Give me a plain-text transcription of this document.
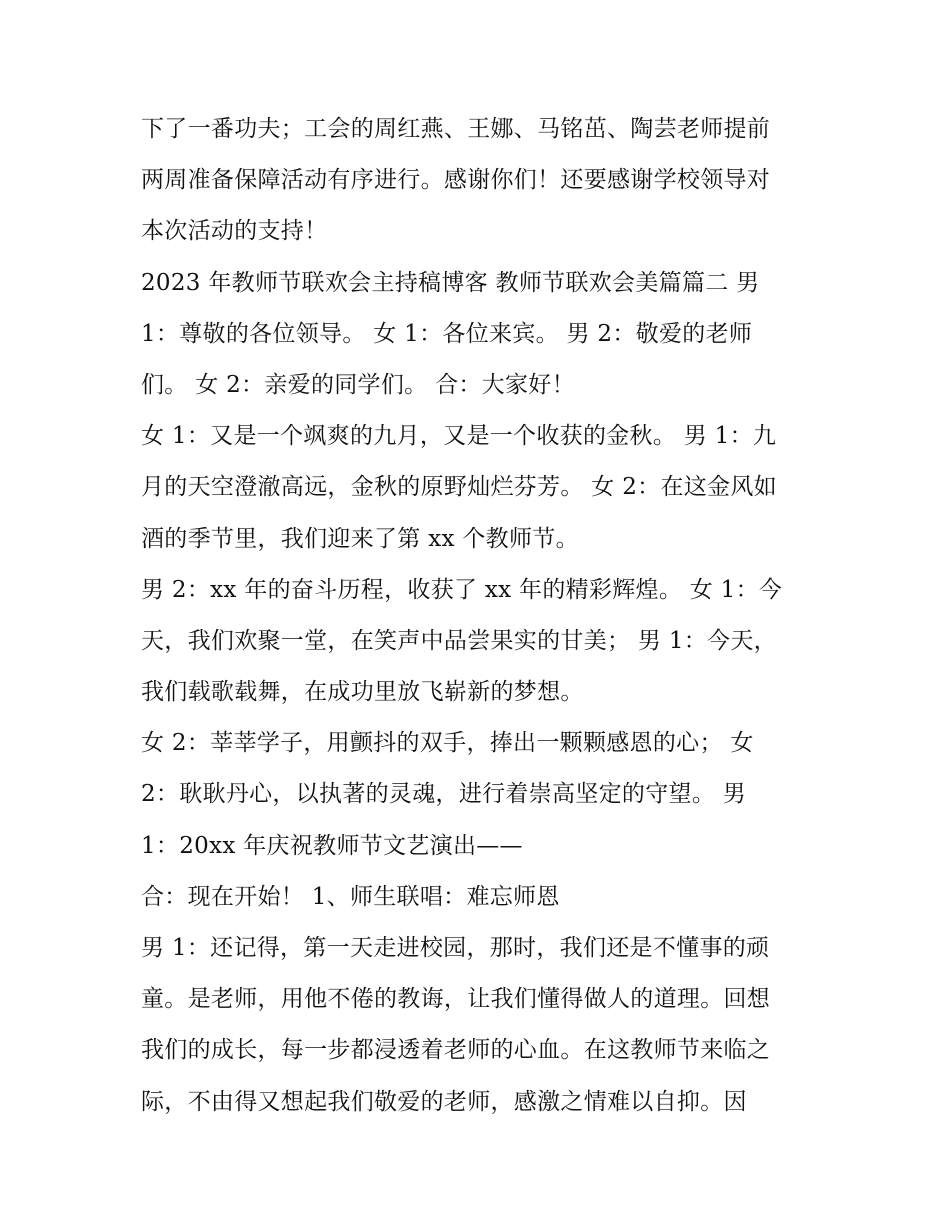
下了一番功夫；工会的周红燕、王娜、马铭茁、陶芸老师提前
两周准备保障活动有序进行。感谢你们！还要感谢学校领导对
本次活动的支持！
2023 年教师节联欢会主持稿博客 教师节联欢会美篇篇二 男
1：尊敬的各位领导。 女 1：各位来宾。 男 2：敬爱的老师
们。 女 2：亲爱的同学们。 合：大家好！
女 1：又是一个飒爽的九月，又是一个收获的金秋。 男 1：九
月的天空澄澈高远，金秋的原野灿烂芬芳。 女 2：在这金风如
酒的季节里，我们迎来了第 xx 个教师节。
男 2：xx 年的奋斗历程，收获了 xx 年的精彩辉煌。 女 1：今
天，我们欢聚一堂，在笑声中品尝果实的甘美； 男 1：今天，
我们载歌载舞，在成功里放飞崭新的梦想。
女 2：莘莘学子，用颤抖的双手，捧出一颗颗感恩的心； 女
2：耿耿丹心，以执著的灵魂，进行着崇高坚定的守望。 男
1：20xx 年庆祝教师节文艺演出——
合：现在开始！ 1、师生联唱：难忘师恩
男 1：还记得，第一天走进校园，那时，我们还是不懂事的顽
童。是老师，用他不倦的教诲，让我们懂得做人的道理。回想
我们的成长，每一步都浸透着老师的心血。在这教师节来临之
际，不由得又想起我们敬爱的老师，感激之情难以自抑。因
